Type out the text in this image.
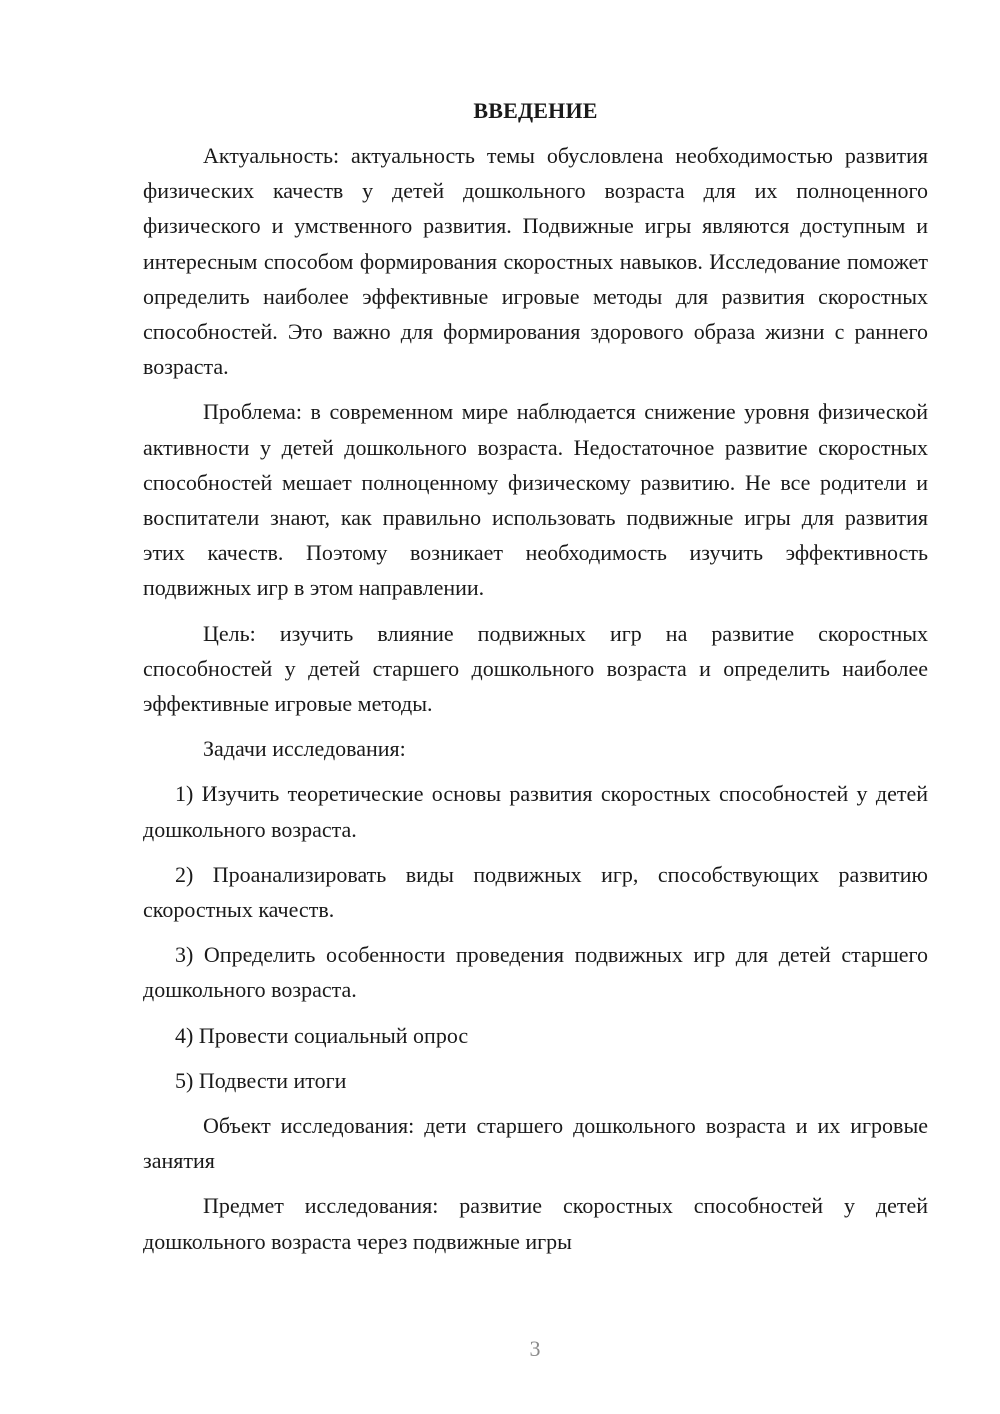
ВВЕДЕНИЕ

Актуальность: актуальность темы обусловлена необходимостью развития физических качеств у детей дошкольного возраста для их полноценного физического и умственного развития. Подвижные игры являются доступным и интересным способом формирования скоростных навыков. Исследование поможет определить наиболее эффективные игровые методы для развития скоростных способностей. Это важно для формирования здорового образа жизни с раннего возраста.

Проблема: в современном мире наблюдается снижение уровня физической активности у детей дошкольного возраста. Недостаточное развитие скоростных способностей мешает полноценному физическому развитию. Не все родители и воспитатели знают, как правильно использовать подвижные игры для развития этих качеств. Поэтому возникает необходимость изучить эффективность подвижных игр в этом направлении.

Цель: изучить влияние подвижных игр на развитие скоростных способностей у детей старшего дошкольного возраста и определить наиболее эффективные игровые методы.

Задачи исследования:

1) Изучить теоретические основы развития скоростных способностей у детей дошкольного возраста.

2) Проанализировать виды подвижных игр, способствующих развитию скоростных качеств.

3) Определить особенности проведения подвижных игр для детей старшего дошкольного возраста.

4) Провести социальный опрос

5) Подвести итоги

Объект исследования: дети старшего дошкольного возраста и их игровые занятия

Предмет исследования: развитие скоростных способностей у детей дошкольного возраста через подвижные игры

3
